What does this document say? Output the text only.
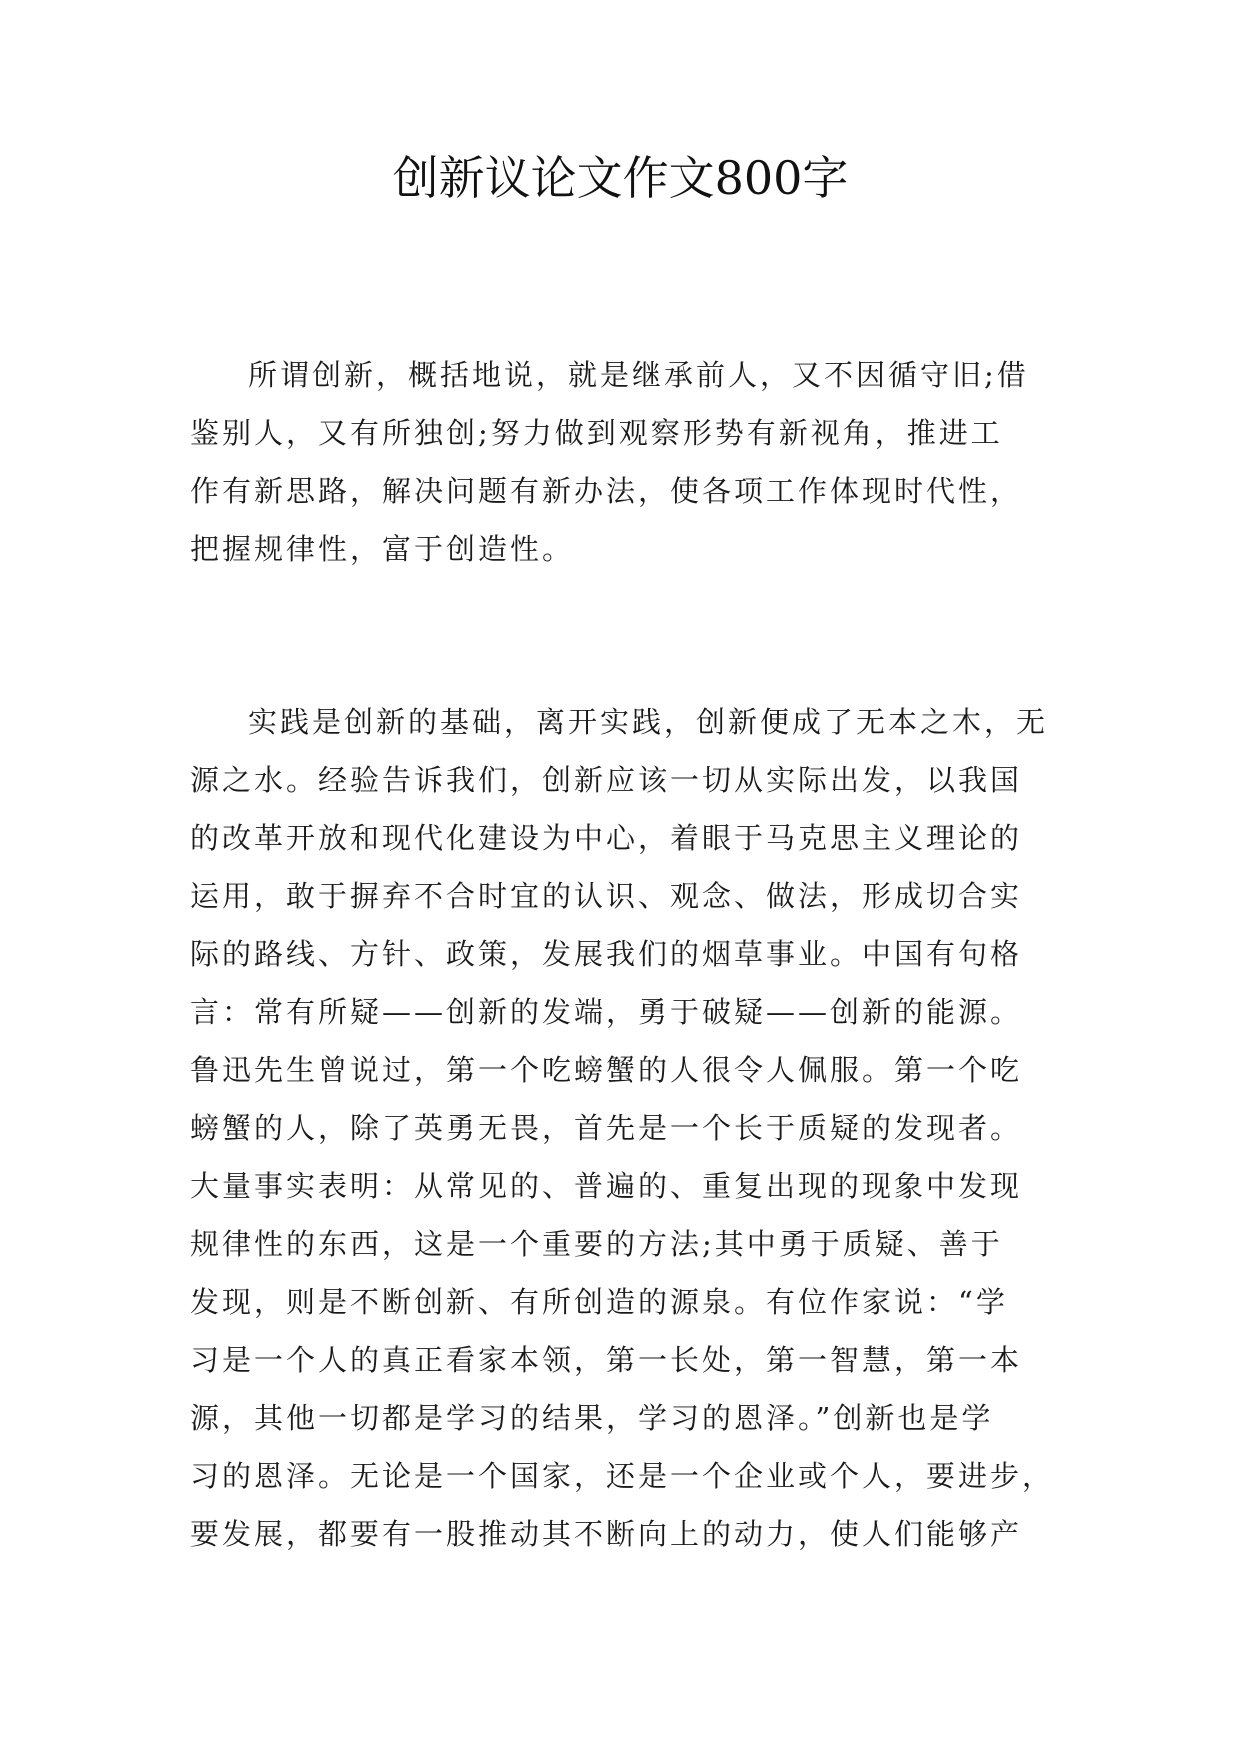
创新议论文作文800字

所谓创新，概括地说，就是继承前人，又不因循守旧;借
鉴别人，又有所独创;努力做到观察形势有新视角，推进工
作有新思路，解决问题有新办法，使各项工作体现时代性，
把握规律性，富于创造性。

实践是创新的基础，离开实践，创新便成了无本之木，无
源之水。经验告诉我们，创新应该一切从实际出发，以我国
的改革开放和现代化建设为中心，着眼于马克思主义理论的
运用，敢于摒弃不合时宜的认识、观念、做法，形成切合实
际的路线、方针、政策，发展我们的烟草事业。中国有句格
言：常有所疑——创新的发端，勇于破疑——创新的能源。
鲁迅先生曾说过，第一个吃螃蟹的人很令人佩服。第一个吃
螃蟹的人，除了英勇无畏，首先是一个长于质疑的发现者。
大量事实表明：从常见的、普遍的、重复出现的现象中发现
规律性的东西，这是一个重要的方法;其中勇于质疑、善于
发现，则是不断创新、有所创造的源泉。有位作家说：“学
习是一个人的真正看家本领，第一长处，第一智慧，第一本
源，其他一切都是学习的结果，学习的恩泽。”创新也是学
习的恩泽。无论是一个国家，还是一个企业或个人，要进步，
要发展，都要有一股推动其不断向上的动力，使人们能够产
